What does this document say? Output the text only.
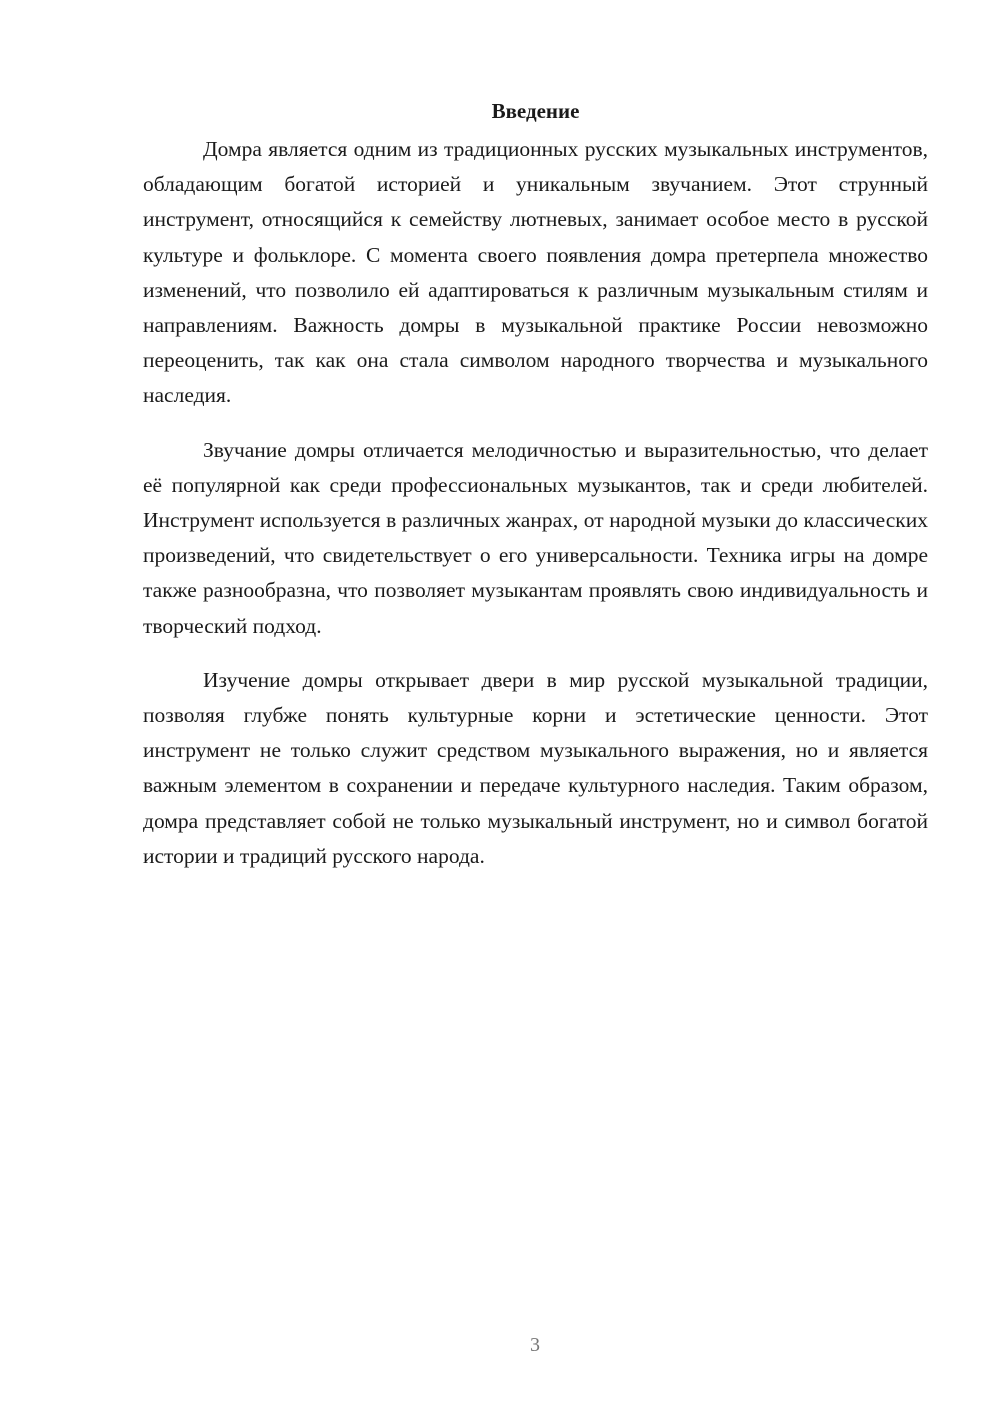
Введение

Домра является одним из традиционных русских музыкальных инструментов, обладающим богатой историей и уникальным звучанием. Этот струнный инструмент, относящийся к семейству лютневых, занимает особое место в русской культуре и фольклоре. С момента своего появления домра претерпела множество изменений, что позволило ей адаптироваться к различным музыкальным стилям и направлениям. Важность домры в музыкальной практике России невозможно переоценить, так как она стала символом народного творчества и музыкального наследия.

Звучание домры отличается мелодичностью и выразительностью, что делает её популярной как среди профессиональных музыкантов, так и среди любителей. Инструмент используется в различных жанрах, от народной музыки до классических произведений, что свидетельствует о его универсальности. Техника игры на домре также разнообразна, что позволяет музыкантам проявлять свою индивидуальность и творческий подход.

Изучение домры открывает двери в мир русской музыкальной традиции, позволяя глубже понять культурные корни и эстетические ценности. Этот инструмент не только служит средством музыкального выражения, но и является важным элементом в сохранении и передаче культурного наследия. Таким образом, домра представляет собой не только музыкальный инструмент, но и символ богатой истории и традиций русского народа.

3
